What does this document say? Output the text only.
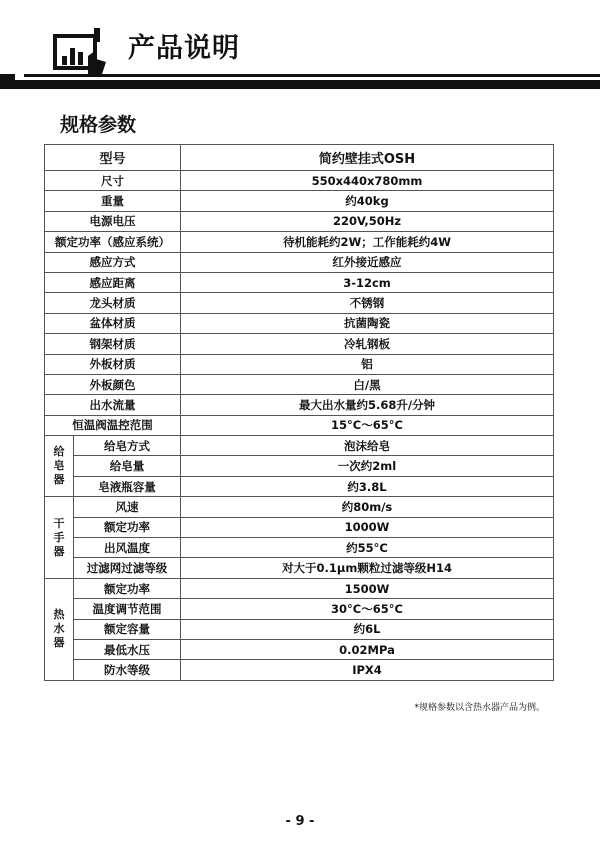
产品说明
规格参数
型号		简约壁挂式OSH
尺寸		550x440x780mm
重量		约40kg
电源电压		220V,50Hz
额定功率（感应系统）		待机能耗约2W；工作能耗约4W
感应方式		红外接近感应
感应距离		3-12cm
龙头材质		不锈钢
盆体材质		抗菌陶瓷
钢架材质		冷轧钢板
外板材质		铝
外板颜色		白/黑
出水流量		最大出水量约5.68升/分钟
恒温阀温控范围		15°C～65°C
给皂器	给皂方式	泡沫给皂
	给皂量	一次约2ml
	皂液瓶容量	约3.8L
干手器	风速	约80m/s
	额定功率	1000W
	出风温度	约55°C
	过滤网过滤等级	对大于0.1μm颗粒过滤等级H14
热水器	额定功率	1500W
	温度调节范围	30°C～65°C
	额定容量	约6L
	最低水压	0.02MPa
	防水等级	IPX4
*规格参数以含热水器产品为例。
- 9 -
